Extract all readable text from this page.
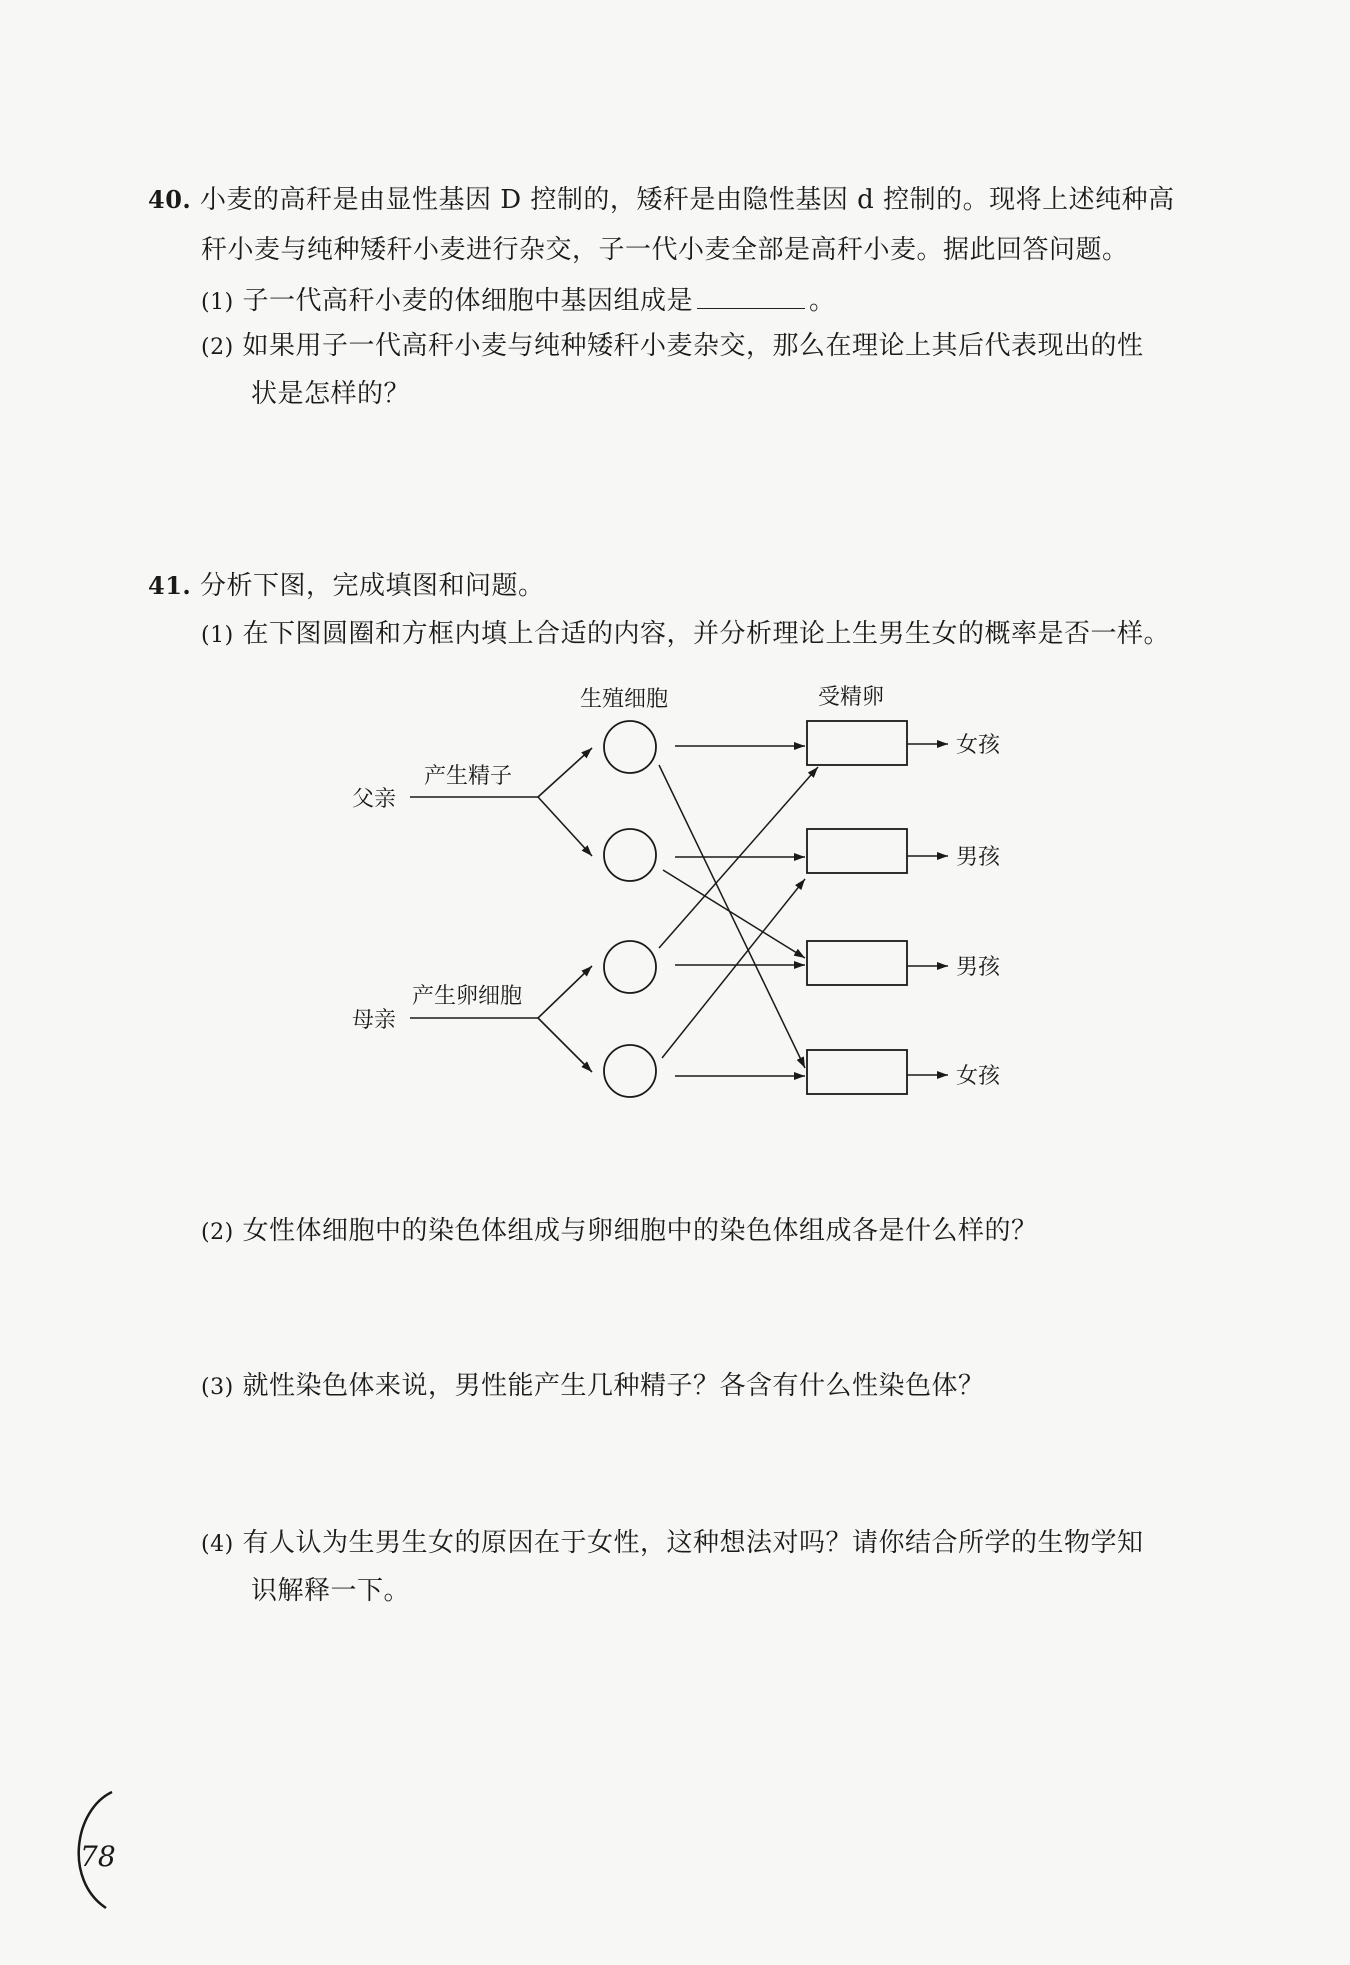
40. 小麦的高秆是由显性基因 D 控制的，矮秆是由隐性基因 d 控制的。现将上述纯种高
秆小麦与纯种矮秆小麦进行杂交，子一代小麦全部是高秆小麦。据此回答问题。
(1) 子一代高秆小麦的体细胞中基因组成是	。
(2) 如果用子一代高秆小麦与纯种矮秆小麦杂交，那么在理论上其后代表现出的性
状是怎样的？
41. 分析下图，完成填图和问题。
(1) 在下图圆圈和方框内填上合适的内容，并分析理论上生男生女的概率是否一样。
生殖细胞	受精卵
父亲
产生精子
母亲
产生卵细胞
女孩
男孩
男孩
女孩
(2) 女性体细胞中的染色体组成与卵细胞中的染色体组成各是什么样的？
(3) 就性染色体来说，男性能产生几种精子？各含有什么性染色体？
(4) 有人认为生男生女的原因在于女性，这种想法对吗？请你结合所学的生物学知
识解释一下。
78
